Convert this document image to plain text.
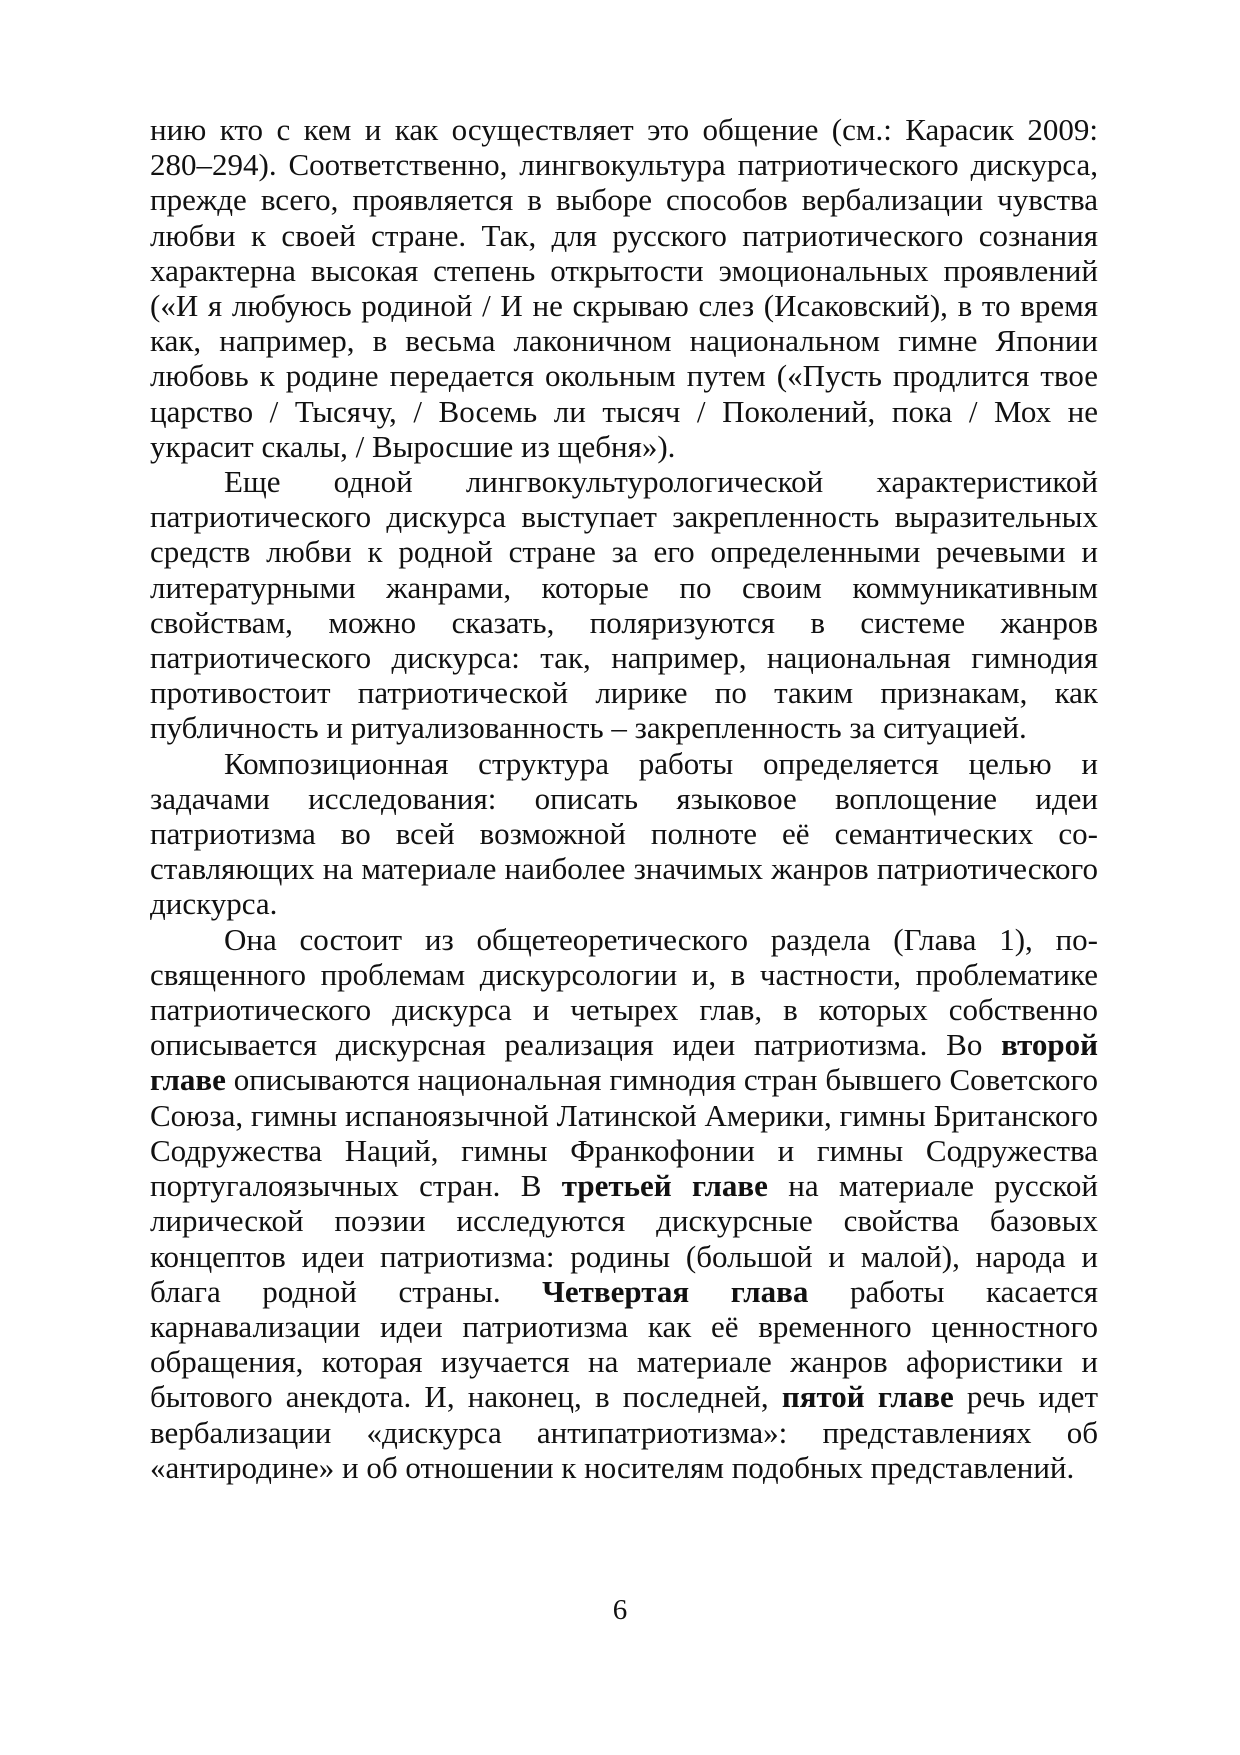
нию кто с кем и как осуществляет это общение (см.: Карасик 2009: 280–294). Соответственно, лингвокультура патриотического дискурса, прежде всего, проявляется в выборе способов вербализации чувства любви к своей стране. Так, для русского патриотического сознания характерна высокая степень открытости эмоциональных проявлений («И я любуюсь родиной / И не скрываю слез (Исаковский), в то время как, например, в весьма лаконичном национальном гимне Японии любовь к родине передается окольным путем («Пусть продлится твое царство / Тысячу, / Восемь ли тысяч / Поколений, пока / Мох не украсит скалы, / Выросшие из щебня»).

Еще одной лингвокультурологической характеристикой патриотического дискурса выступает закрепленность выразительных средств любви к родной стране за его определенными речевыми и литературными жанрами, которые по своим коммуникативным свойствам, можно сказать, поляризуются в системе жанров патриотического дискурса: так, например, национальная гимнодия противостоит патриотической лирике по таким признакам, как публичность и ритуализованность – закрепленность за ситуацией.

Композиционная структура работы определяется целью и задачами исследования: описать языковое воплощение идеи патриотизма во всей возможной полноте её семантических составляющих на материале наиболее значимых жанров патриотического дискурса.

Она состоит из общетеоретического раздела (Глава 1), посвященного проблемам дискурсологии и, в частности, проблематике патриотического дискурса и четырех глав, в которых собственно описывается дискурсная реализация идеи патриотизма. Во второй главе описываются национальная гимнодия стран бывшего Советского Союза, гимны испаноязычной Латинской Америки, гимны Британского Содружества Наций, гимны Франкофонии и гимны Содружества португалоязычных стран. В третьей главе на материале русской лирической поэзии исследуются дискурсные свойства базовых концептов идеи патриотизма: родины (большой и малой), народа и блага родной страны. Четвертая глава работы касается карнавализации идеи патриотизма как её временного ценностного обращения, которая изучается на материале жанров афористики и бытового анекдота. И, наконец, в последней, пятой главе речь идет вербализации «дискурса антипатриотизма»: представлениях об «антиродине» и об отношении к носителям подобных представлений.

6
